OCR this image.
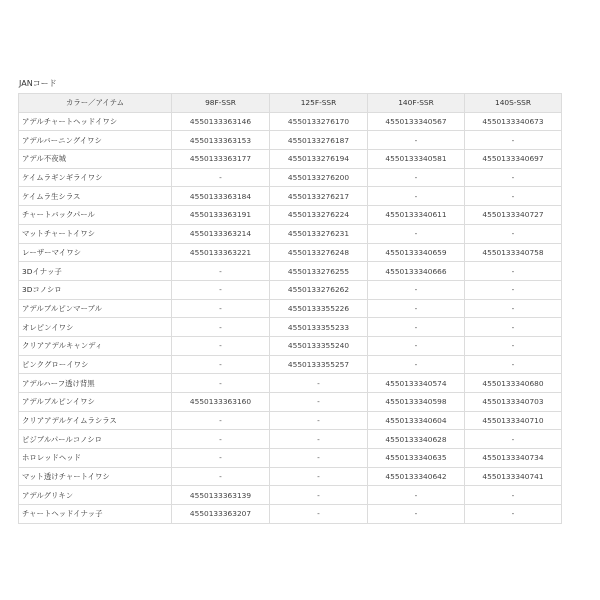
JANコード
カラー／アイテム	98F-SSR	125F-SSR	140F-SSR	140S-SSR
アデルチャートヘッドイワシ	4550133363146	4550133276170	4550133340567	4550133340673
アデルバーニングイワシ	4550133363153	4550133276187	-	-
アデル不夜城	4550133363177	4550133276194	4550133340581	4550133340697
ケイムラギンギライワシ	-	4550133276200	-	-
ケイムラ生シラス	4550133363184	4550133276217	-	-
チャートバックパール	4550133363191	4550133276224	4550133340611	4550133340727
マットチャートイワシ	4550133363214	4550133276231	-	-
レーザーマイワシ	4550133363221	4550133276248	4550133340659	4550133340758
3Dイナッ子	-	4550133276255	4550133340666	-
3Dコノシロ	-	4550133276262	-	-
アデルブルピンマーブル	-	4550133355226	-	-
オレピンイワシ	-	4550133355233	-	-
クリアアデルキャンディ	-	4550133355240	-	-
ピンクグローイワシ	-	4550133355257	-	-
アデルハーフ透け背黒	-	-	4550133340574	4550133340680
アデルブルピンイワシ	4550133363160	-	4550133340598	4550133340703
クリアアデルケイムラシラス	-	-	4550133340604	4550133340710
ピジブルパールコノシロ	-	-	4550133340628	-
ホロレッドヘッド	-	-	4550133340635	4550133340734
マット透けチャートイワシ	-	-	4550133340642	4550133340741
アデルグリキン	4550133363139	-	-	-
チャートヘッドイナッ子	4550133363207	-	-	-
